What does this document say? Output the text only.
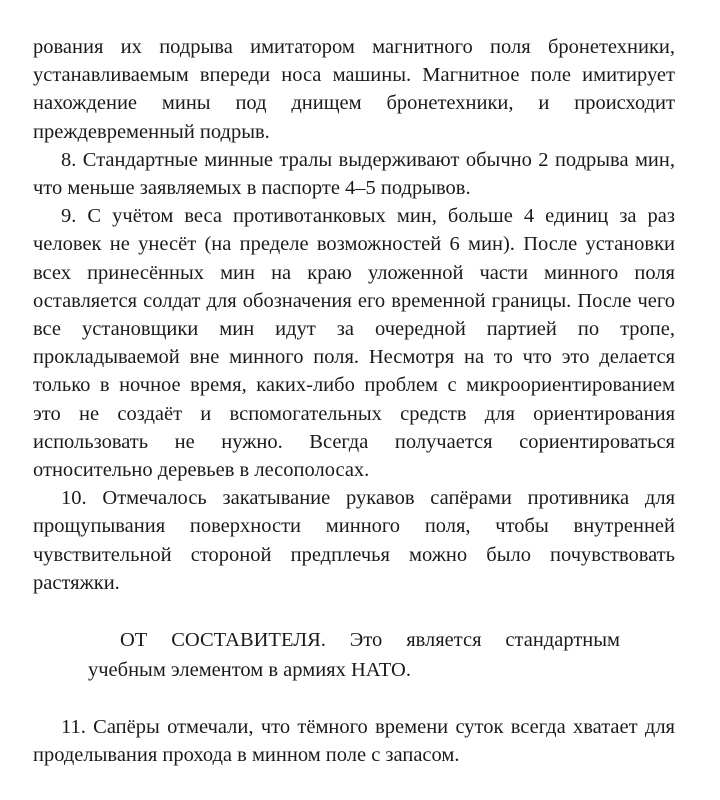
рования их подрыва имитатором магнитного поля бронетехники, устанавливаемым впереди носа машины. Магнитное поле имитирует нахождение мины под днищем бронетехники, и происходит преждевременный подрыв.

8. Стандартные минные тралы выдерживают обычно 2 подрыва мин, что меньше заявляемых в паспорте 4–5 подрывов.

9. С учётом веса противотанковых мин, больше 4 единиц за раз человек не унесёт (на пределе возможностей 6 мин). После установки всех принесённых мин на краю уложенной части минного поля оставляется солдат для обозначения его временной границы. После чего все установщики мин идут за очередной партией по тропе, прокладываемой вне минного поля. Несмотря на то что это делается только в ночное время, каких-либо проблем с микроориентированием это не создаёт и вспомогательных средств для ориентирования использовать не нужно. Всегда получается сориентироваться относительно деревьев в лесополосах.

10. Отмечалось закатывание рукавов сапёрами противника для прощупывания поверхности минного поля, чтобы внутренней чувствительной стороной предплечья можно было почувствовать растяжки.

ОТ СОСТАВИТЕЛЯ. Это является стандартным учебным элементом в армиях НАТО.

11. Сапёры отмечали, что тёмного времени суток всегда хватает для проделывания прохода в минном поле с запасом.
